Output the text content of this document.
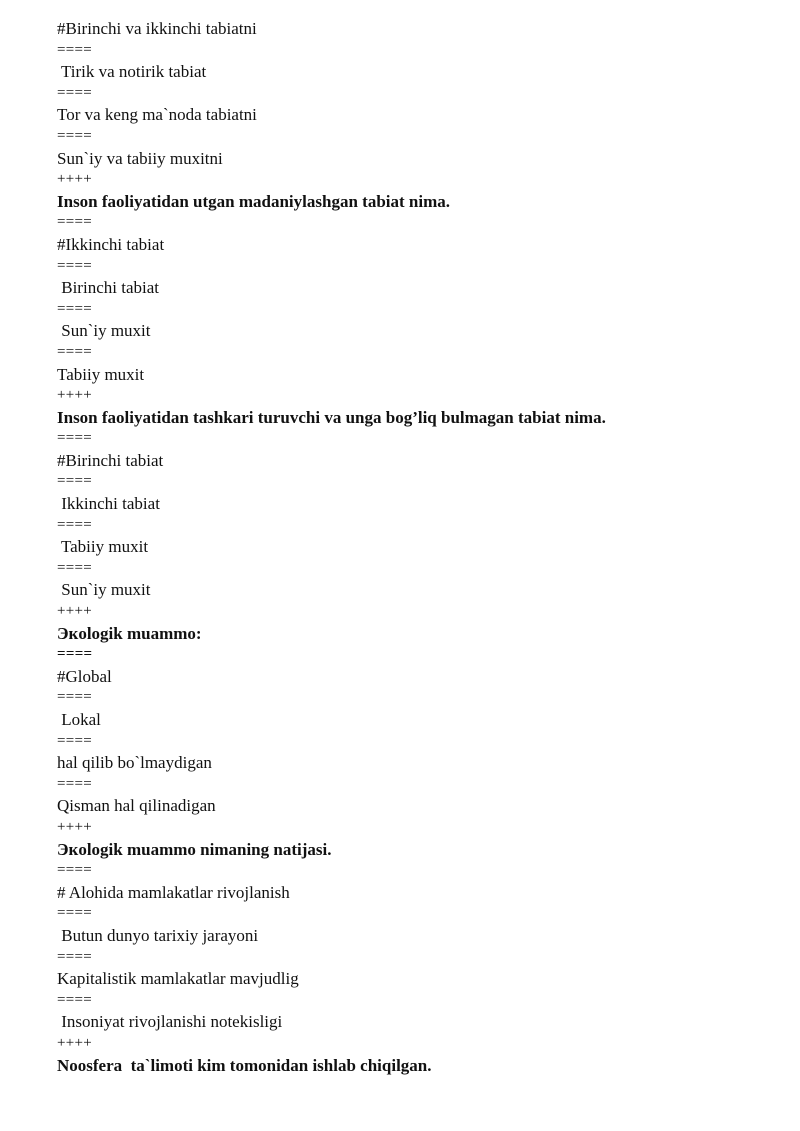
#Birinchi va ikkinchi tabiatni
====
Tirik va notirik tabiat
====
Tor va keng ma`noda tabiatni
====
Sun`iy va tabiiy muxitni
++++
Inson faoliyatidan utgan madaniylashgan tabiat nima.
====
#Ikkinchi tabiat
====
Birinchi tabiat
====
Sun`iy muxit
====
Tabiiy muxit
++++
Inson faoliyatidan tashkari turuvchi va unga bog’liq bulmagan tabiat nima.
====
#Birinchi tabiat
====
Ikkinchi tabiat
====
Tabiiy muxit
====
Sun`iy muxit
++++
Экologik muammo:
====
#Global
====
Lokal
====
hal qilib bo`lmaydigan
====
Qisman hal qilinadigan
++++
Экologik muammo nimaning natijasi.
====
# Alohida mamlakatlar rivojlanish
====
Butun dunyo tarixiy jarayoni
====
Kapitalistik mamlakatlar mavjudlig
====
Insoniyat rivojlanishi notekisligi
++++
Noosfera  ta`limoti kim tomonidan ishlab chiqilgan.
